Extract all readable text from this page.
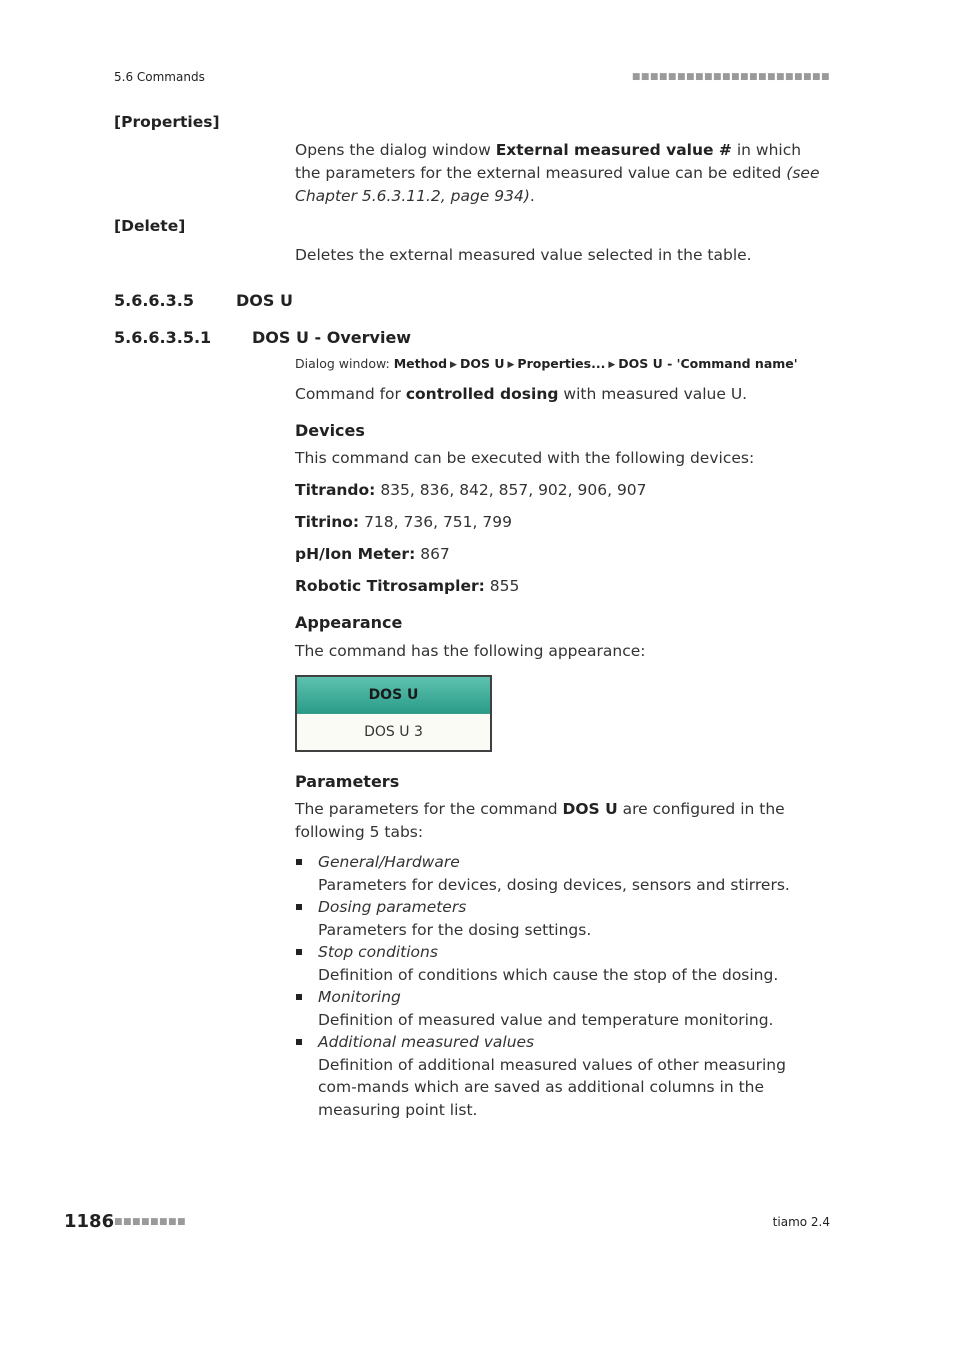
5.6 Commands	■■■■■■■■■■■■■■■■■■■■■■
[Properties]
Opens the dialog window External measured value # in which the parameters for the external measured value can be edited (see Chapter 5.6.3.11.2, page 934).
[Delete]
Deletes the external measured value selected in the table.
5.6.6.3.5	DOS U
5.6.6.3.5.1	DOS U - Overview
Dialog window: Method ▶ DOS U ▶ Properties... ▶ DOS U - 'Command name'
Command for controlled dosing with measured value U.
Devices
This command can be executed with the following devices:
Titrando: 835, 836, 842, 857, 902, 906, 907
Titrino: 718, 736, 751, 799
pH/Ion Meter: 867
Robotic Titrosampler: 855
Appearance
The command has the following appearance:
DOS U
DOS U 3
Parameters
The parameters for the command DOS U are configured in the following 5 tabs:
General/Hardware
Parameters for devices, dosing devices, sensors and stirrers.
Dosing parameters
Parameters for the dosing settings.
Stop conditions
Definition of conditions which cause the stop of the dosing.
Monitoring
Definition of measured value and temperature monitoring.
Additional measured values
Definition of additional measured values of other measuring com-mands which are saved as additional columns in the measuring point list.
1186 ■■■■■■■■	tiamo 2.4
